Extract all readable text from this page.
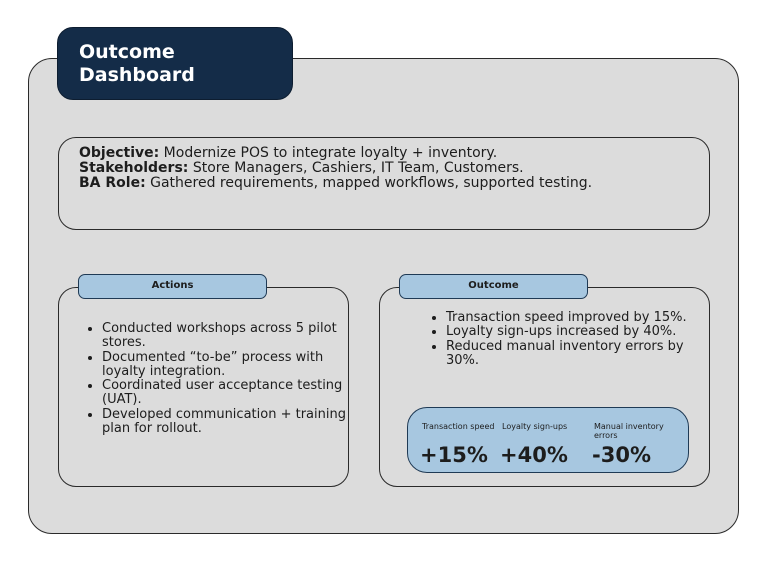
Outcome
Dashboard
Objective: Modernize POS to integrate loyalty + inventory.
Stakeholders: Store Managers, Cashiers, IT Team, Customers.
BA Role: Gathered requirements, mapped workflows, supported testing.
Actions
• Conducted workshops across 5 pilot stores.
• Documented “to-be” process with loyalty integration.
• Coordinated user acceptance testing (UAT).
• Developed communication + training plan for rollout.
Outcome
• Transaction speed improved by 15%.
• Loyalty sign-ups increased by 40%.
• Reduced manual inventory errors by 30%.
Transaction speed
+15%
Loyalty sign-ups
+40%
Manual inventory errors
-30%
